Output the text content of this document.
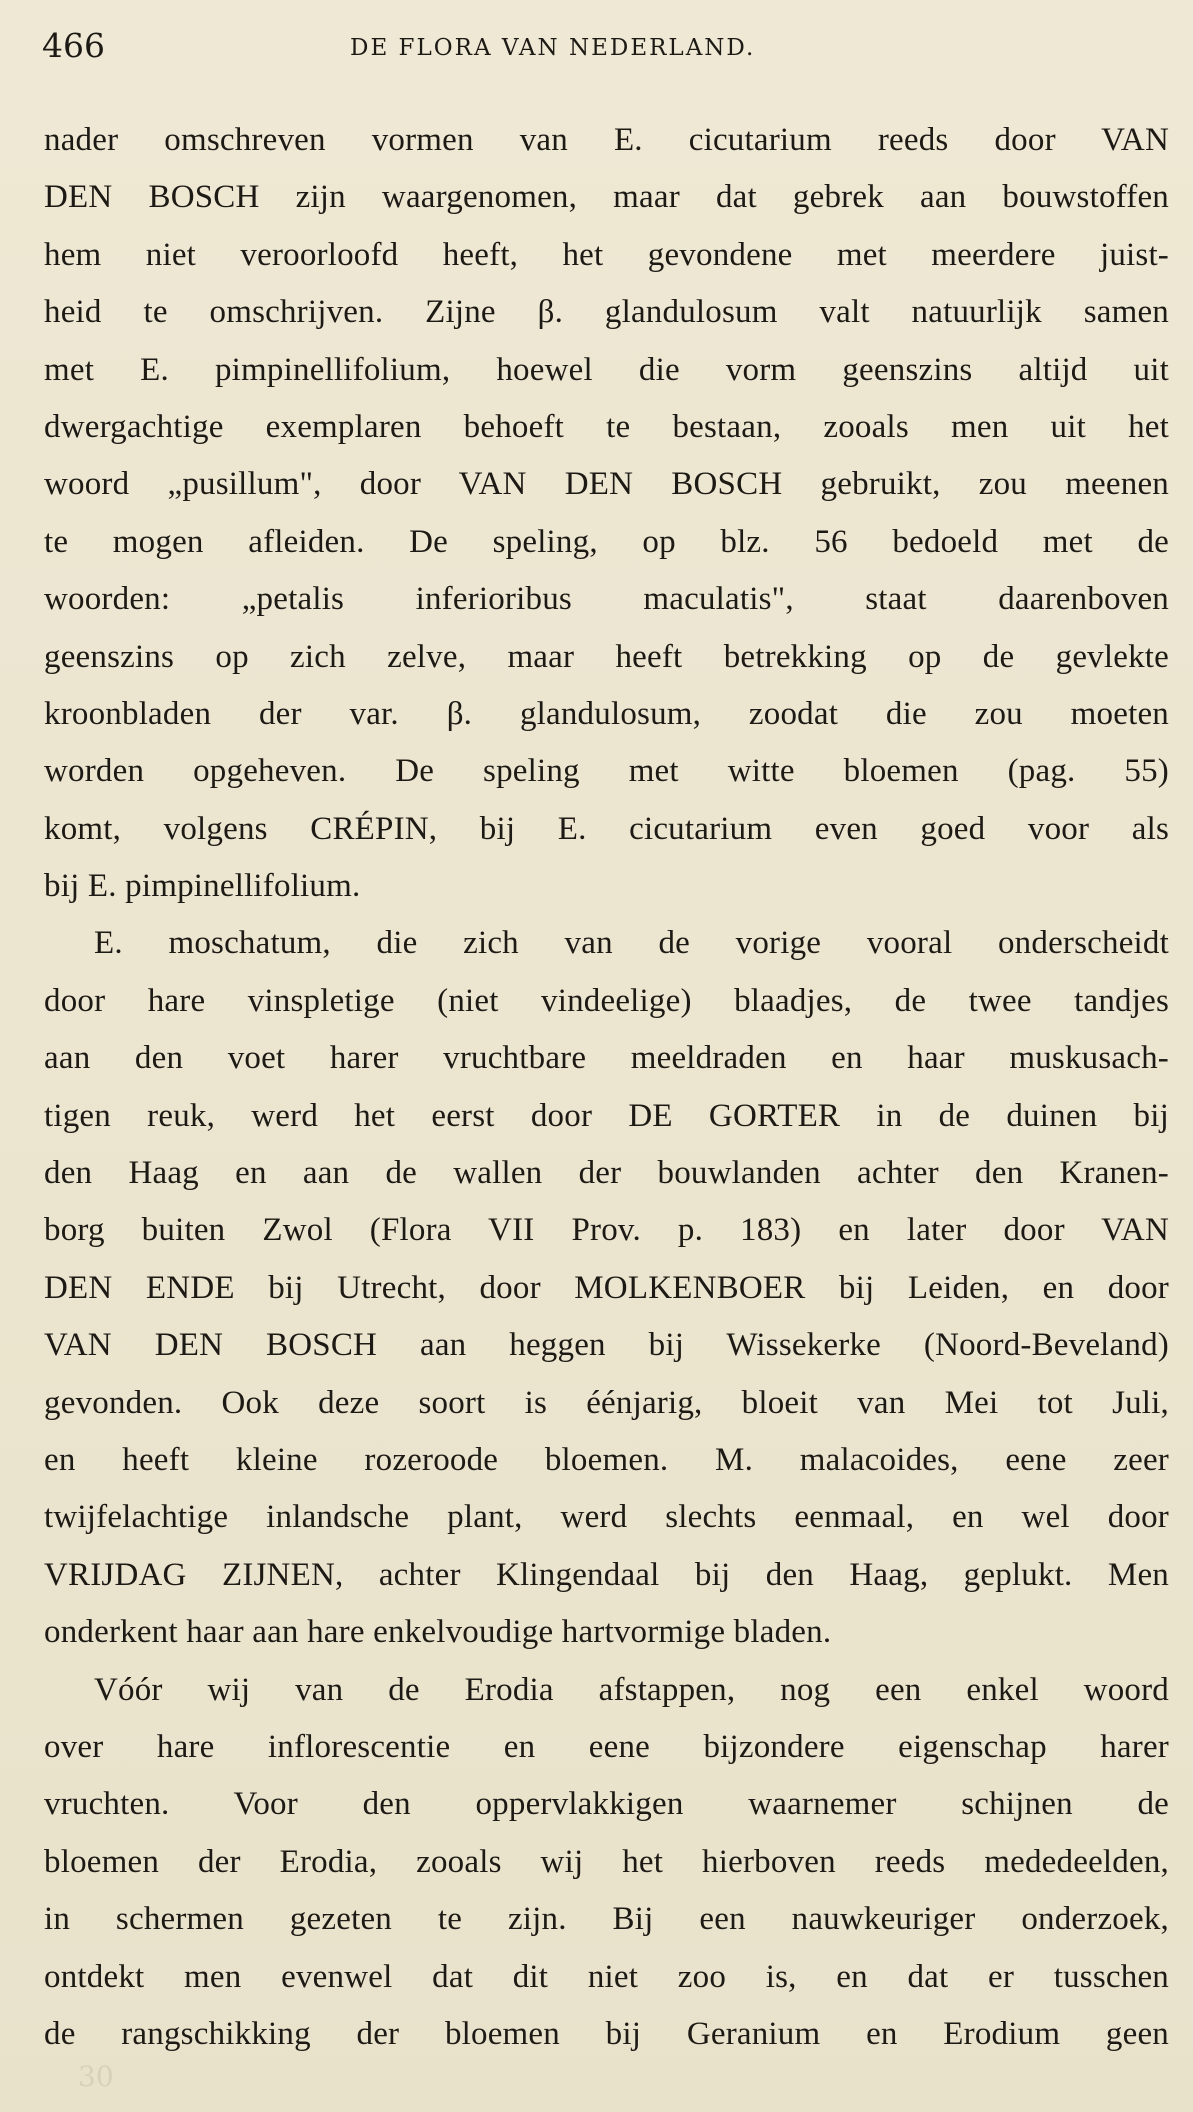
466	DE FLORA VAN NEDERLAND.
nader omschreven vormen van E. cicutarium reeds door VAN
DEN BOSCH zijn waargenomen, maar dat gebrek aan bouwstoffen
hem niet veroorloofd heeft, het gevondene met meerdere juist-
heid te omschrijven. Zijne β. glandulosum valt natuurlijk samen
met E. pimpinellifolium, hoewel die vorm geenszins altijd uit
dwergachtige exemplaren behoeft te bestaan, zooals men uit het
woord „pusillum", door VAN DEN BOSCH gebruikt, zou meenen
te mogen afleiden. De speling, op blz. 56 bedoeld met de
woorden: „petalis inferioribus maculatis", staat daarenboven
geenszins op zich zelve, maar heeft betrekking op de gevlekte
kroonbladen der var. β. glandulosum, zoodat die zou moeten
worden opgeheven. De speling met witte bloemen (pag. 55)
komt, volgens CRÉPIN, bij E. cicutarium even goed voor als
bij E. pimpinellifolium.
E. moschatum, die zich van de vorige vooral onderscheidt
door hare vinspletige (niet vindeelige) blaadjes, de twee tandjes
aan den voet harer vruchtbare meeldraden en haar muskusach-
tigen reuk, werd het eerst door DE GORTER in de duinen bij
den Haag en aan de wallen der bouwlanden achter den Kranen-
borg buiten Zwol (Flora VII Prov. p. 183) en later door VAN
DEN ENDE bij Utrecht, door MOLKENBOER bij Leiden, en door
VAN DEN BOSCH aan heggen bij Wissekerke (Noord-Beveland)
gevonden. Ook deze soort is éénjarig, bloeit van Mei tot Juli,
en heeft kleine rozeroode bloemen. M. malacoides, eene zeer
twijfelachtige inlandsche plant, werd slechts eenmaal, en wel door
VRIJDAG ZIJNEN, achter Klingendaal bij den Haag, geplukt. Men
onderkent haar aan hare enkelvoudige hartvormige bladen.
Vóór wij van de Erodia afstappen, nog een enkel woord
over hare inflorescentie en eene bijzondere eigenschap harer
vruchten. Voor den oppervlakkigen waarnemer schijnen de
bloemen der Erodia, zooals wij het hierboven reeds mededeelden,
in schermen gezeten te zijn. Bij een nauwkeuriger onderzoek,
ontdekt men evenwel dat dit niet zoo is, en dat er tusschen
de rangschikking der bloemen bij Geranium en Erodium geen
30
